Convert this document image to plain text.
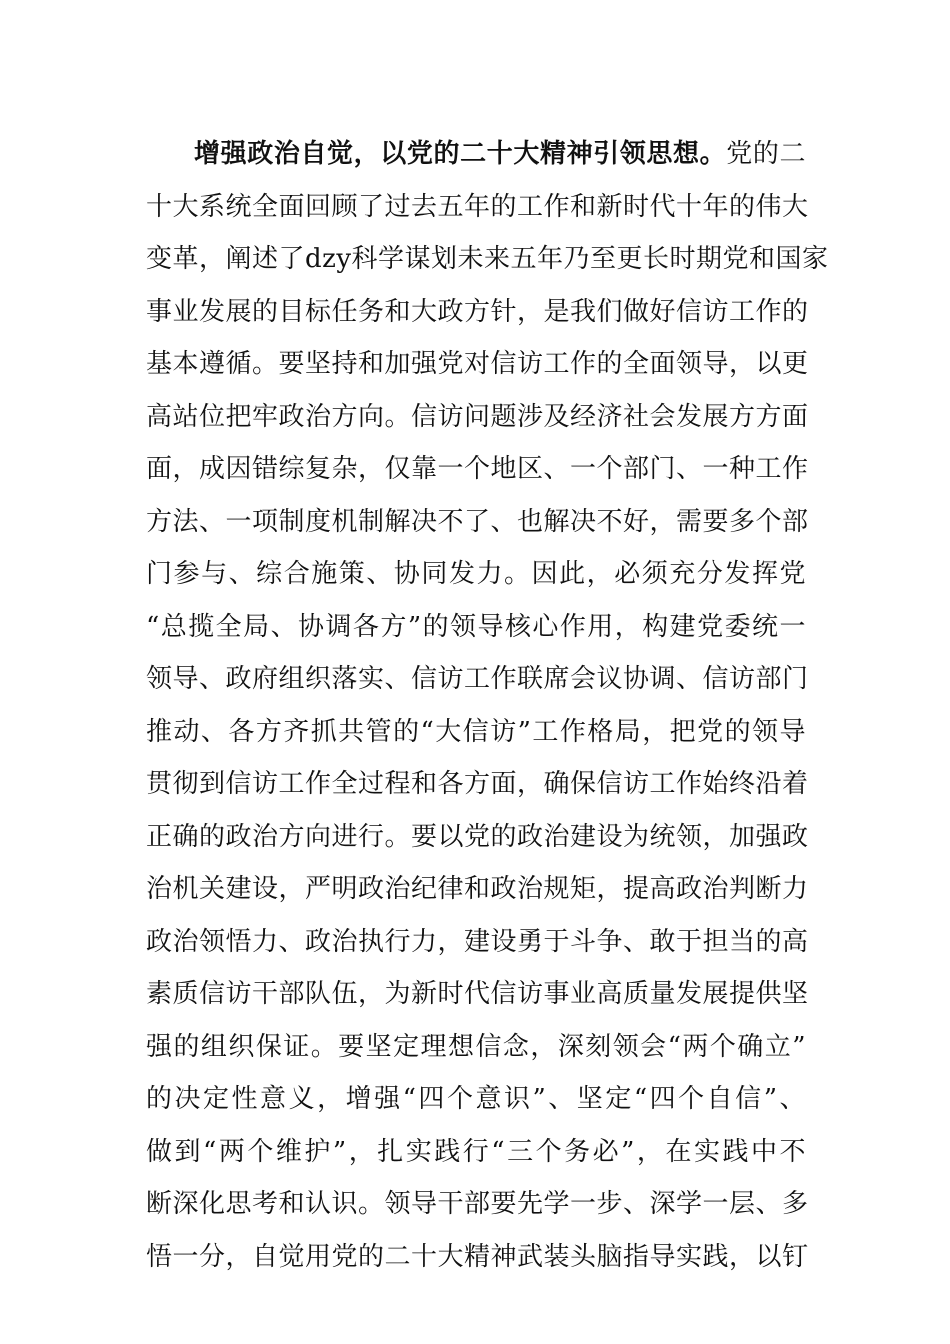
增强政治自觉，以党的二十大精神引领思想。党的二
十大系统全面回顾了过去五年的工作和新时代十年的伟大
变革，阐述了dzy科学谋划未来五年乃至更长时期党和国家
事业发展的目标任务和大政方针，是我们做好信访工作的
基本遵循。要坚持和加强党对信访工作的全面领导，以更
高站位把牢政治方向。信访问题涉及经济社会发展方方面
面，成因错综复杂，仅靠一个地区、一个部门、一种工作
方法、一项制度机制解决不了、也解决不好，需要多个部
门参与、综合施策、协同发力。因此，必须充分发挥党
“总揽全局、协调各方”的领导核心作用，构建党委统一
领导、政府组织落实、信访工作联席会议协调、信访部门
推动、各方齐抓共管的“大信访”工作格局，把党的领导
贯彻到信访工作全过程和各方面，确保信访工作始终沿着
正确的政治方向进行。要以党的政治建设为统领，加强政
治机关建设，严明政治纪律和政治规矩，提高政治判断力
政治领悟力、政治执行力，建设勇于斗争、敢于担当的高
素质信访干部队伍，为新时代信访事业高质量发展提供坚
强的组织保证。要坚定理想信念，深刻领会“两个确立”
的决定性意义，增强“四个意识”、坚定“四个自信”、
做到“两个维护”，扎实践行“三个务必”，在实践中不
断深化思考和认识。领导干部要先学一步、深学一层、多
悟一分，自觉用党的二十大精神武装头脑指导实践，以钉
